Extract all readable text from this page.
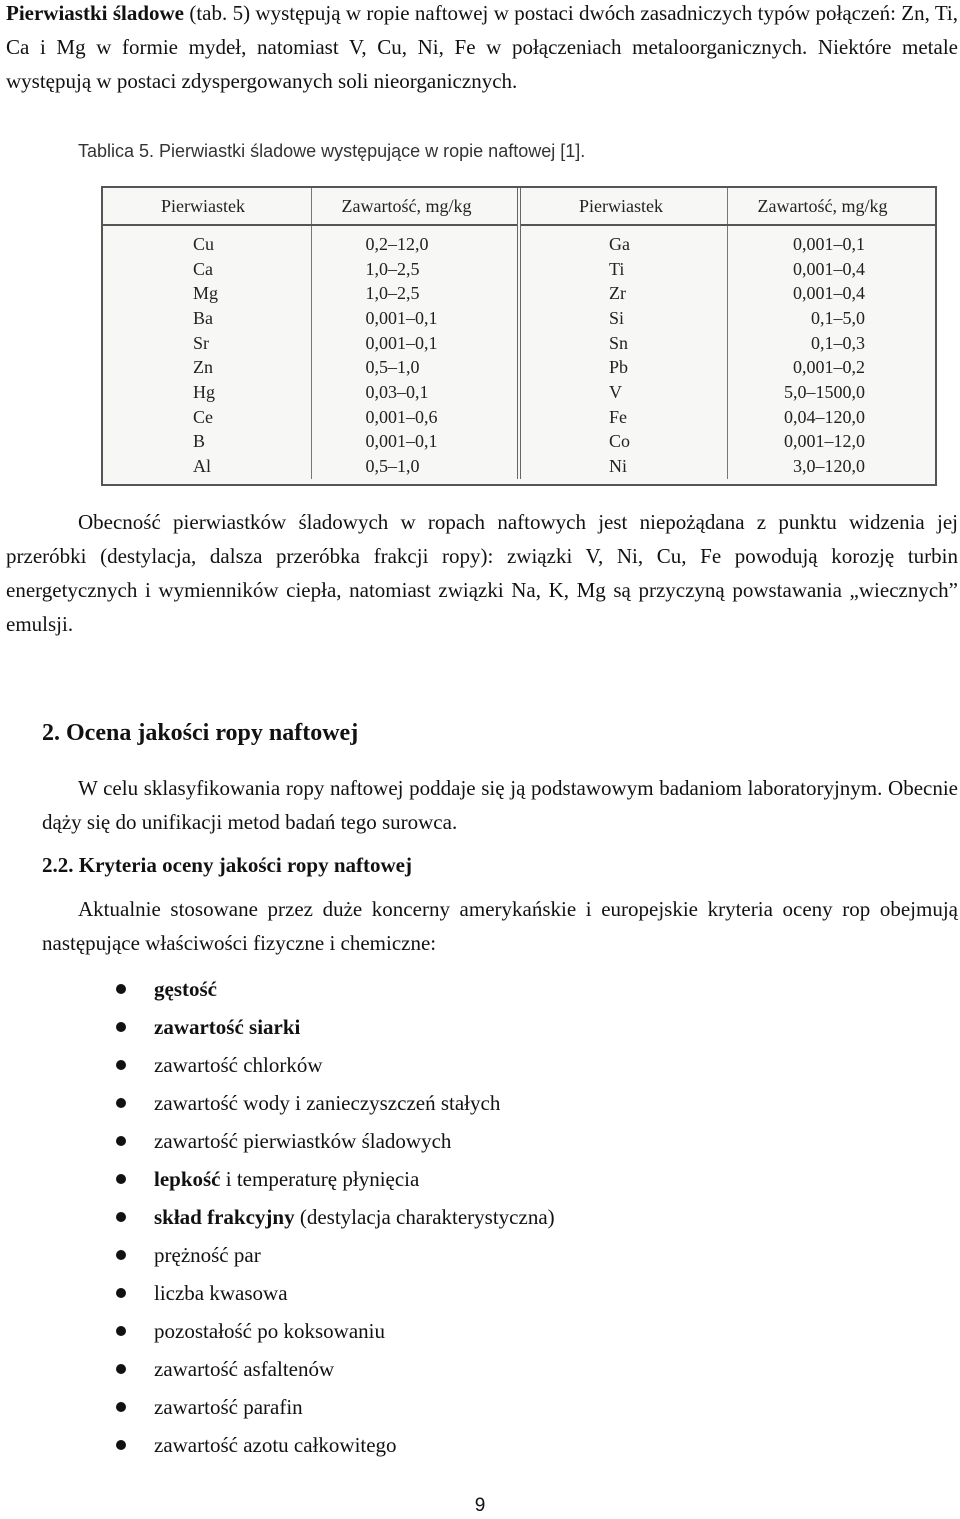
Pierwiastki śladowe (tab. 5) występują w ropie naftowej w postaci dwóch zasadniczych typów połączeń: Zn, Ti, Ca i Mg w formie mydeł, natomiast V, Cu, Ni, Fe w połączeniach metaloorganicznych. Niektóre metale występują w postaci zdyspergowanych soli nieorganicznych.
Tablica 5. Pierwiastki śladowe występujące w ropie naftowej [1].
Pierwiastek	Zawartość, mg/kg	Pierwiastek	Zawartość, mg/kg
Cu	0,2–12,0	Ga	0,001–0,1
Ca	1,0–2,5	Ti	0,001–0,4
Mg	1,0–2,5	Zr	0,001–0,4
Ba	0,001–0,1	Si	0,1–5,0
Sr	0,001–0,1	Sn	0,1–0,3
Zn	0,5–1,0	Pb	0,001–0,2
Hg	0,03–0,1	V	5,0–1500,0
Ce	0,001–0,6	Fe	0,04–120,0
B	0,001–0,1	Co	0,001–12,0
Al	0,5–1,0	Ni	3,0–120,0
Obecność pierwiastków śladowych w ropach naftowych jest niepożądana z punktu widzenia jej przeróbki (destylacja, dalsza przeróbka frakcji ropy): związki V, Ni, Cu, Fe powodują korozję turbin energetycznych i wymienników ciepła, natomiast związki Na, K, Mg są przyczyną powstawania „wiecznych” emulsji.
2. Ocena jakości ropy naftowej
W celu sklasyfikowania ropy naftowej poddaje się ją podstawowym badaniom laboratoryjnym. Obecnie dąży się do unifikacji metod badań tego surowca.
2.2. Kryteria oceny jakości ropy naftowej
Aktualnie stosowane przez duże koncerny amerykańskie i europejskie kryteria oceny rop obejmują następujące właściwości fizyczne i chemiczne:
gęstość
zawartość siarki
zawartość chlorków
zawartość wody i zanieczyszczeń stałych
zawartość pierwiastków śladowych
lepkość i temperaturę płynięcia
skład frakcyjny (destylacja charakterystyczna)
prężność par
liczba kwasowa
pozostałość po koksowaniu
zawartość asfaltenów
zawartość parafin
zawartość azotu całkowitego
9
